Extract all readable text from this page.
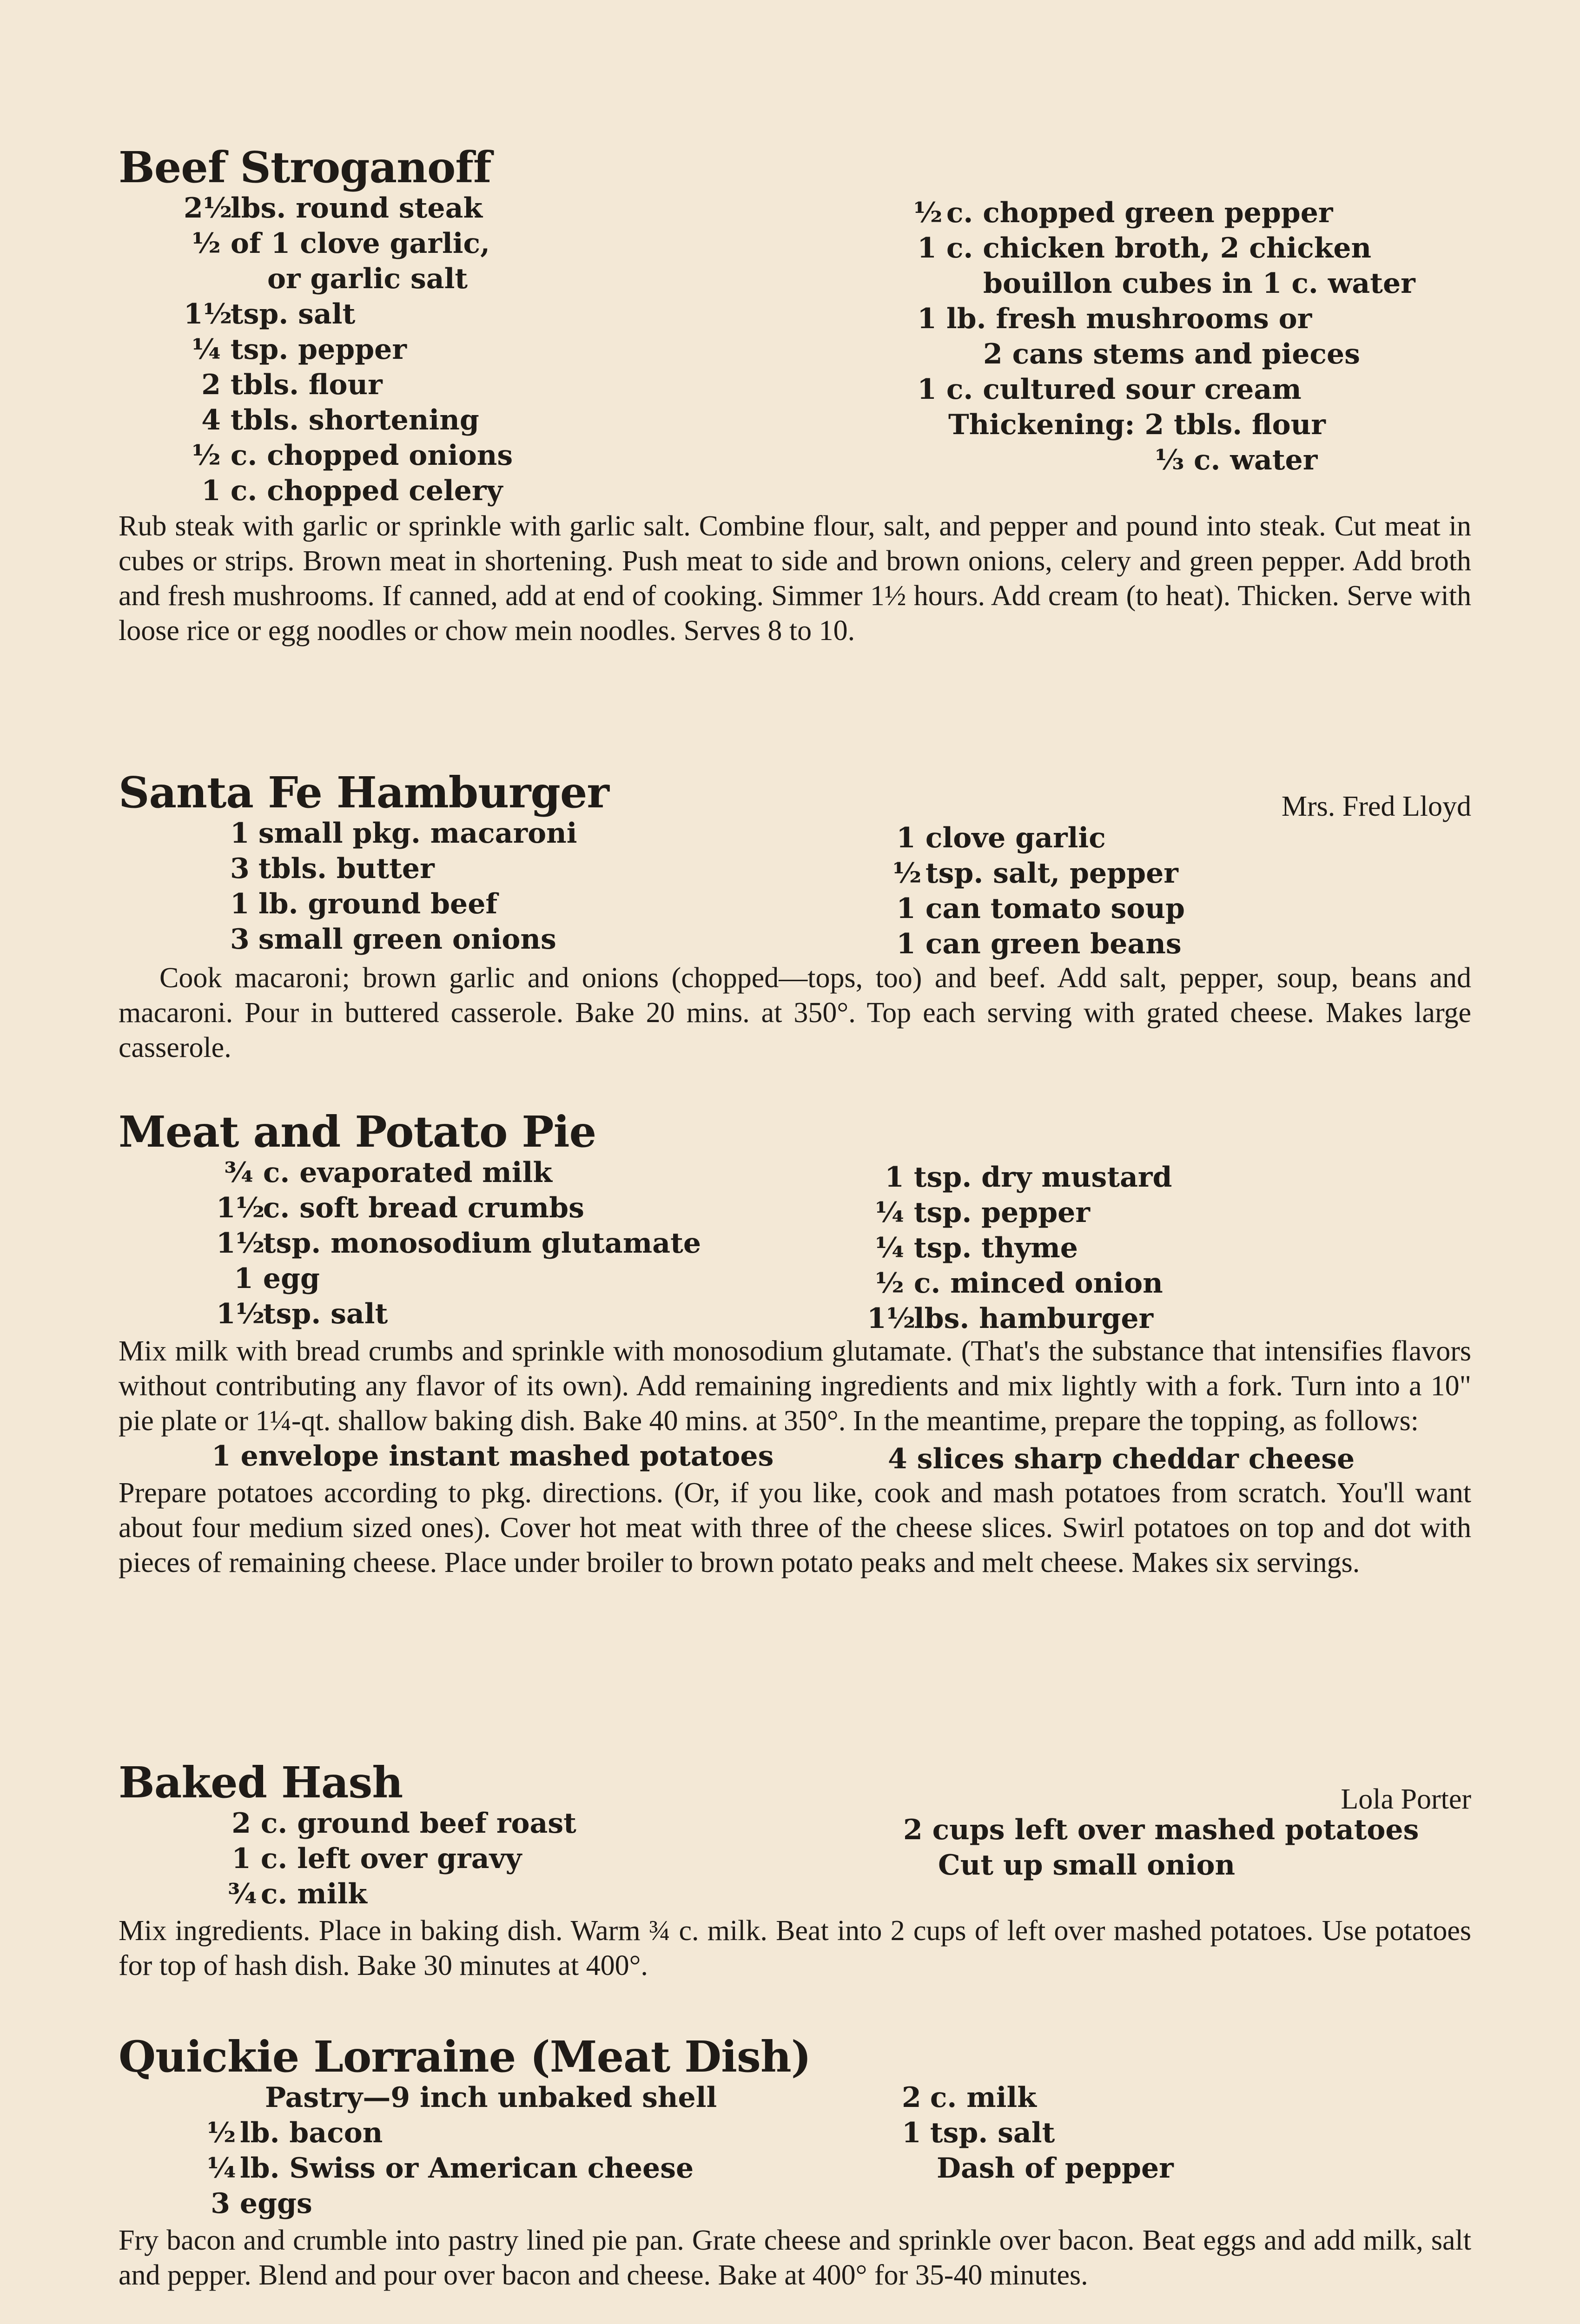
Beef Stroganoff
2½ lbs. round steak
½ of 1 clove garlic,
or garlic salt
1½ tsp. salt
¼ tsp. pepper
2 tbls. flour
4 tbls. shortening
½ c. chopped onions
1 c. chopped celery
½ c. chopped green pepper
1 c. chicken broth, 2 chicken
bouillon cubes in 1 c. water
1 lb. fresh mushrooms or
2 cans stems and pieces
1 c. cultured sour cream
Thickening: 2 tbls. flour
⅓ c. water

Rub steak with garlic or sprinkle with garlic salt. Combine flour, salt, and pepper and pound into steak. Cut meat in cubes or strips. Brown meat in shortening. Push meat to side and brown onions, celery and green pepper. Add broth and fresh mushrooms. If canned, add at end of cooking. Simmer 1½ hours. Add cream (to heat). Thicken. Serve with loose rice or egg noodles or chow mein noodles. Serves 8 to 10.

Mrs. Fred Lloyd
Santa Fe Hamburger
1 small pkg. macaroni
3 tbls. butter
1 lb. ground beef
3 small green onions
1 clove garlic
½ tsp. salt, pepper
1 can tomato soup
1 can green beans

Cook macaroni; brown garlic and onions (chopped—tops, too) and beef. Add salt, pepper, soup, beans and macaroni. Pour in buttered casserole. Bake 20 mins. at 350°. Top each serving with grated cheese. Makes large casserole.

Meat and Potato Pie
¾ c. evaporated milk
1½ c. soft bread crumbs
1½ tsp. monosodium glutamate
1 egg
1½ tsp. salt
1 tsp. dry mustard
¼ tsp. pepper
¼ tsp. thyme
½ c. minced onion
1½ lbs. hamburger

Mix milk with bread crumbs and sprinkle with monosodium glutamate. (That's the substance that intensifies flavors without contributing any flavor of its own). Add remaining ingredients and mix lightly with a fork. Turn into a 10" pie plate or 1¼-qt. shallow baking dish. Bake 40 mins. at 350°. In the meantime, prepare the topping, as follows:

1 envelope instant mashed potatoes	4 slices sharp cheddar cheese

Prepare potatoes according to pkg. directions. (Or, if you like, cook and mash potatoes from scratch. You'll want about four medium sized ones). Cover hot meat with three of the cheese slices. Swirl potatoes on top and dot with pieces of remaining cheese. Place under broiler to brown potato peaks and melt cheese. Makes six servings.

Lola Porter
Baked Hash
2 c. ground beef roast
1 c. left over gravy
¾ c. milk
2 cups left over mashed potatoes
Cut up small onion

Mix ingredients. Place in baking dish. Warm ¾ c. milk. Beat into 2 cups of left over mashed potatoes. Use potatoes for top of hash dish. Bake 30 minutes at 400°.

Quickie Lorraine (Meat Dish)
Pastry—9 inch unbaked shell
½ lb. bacon
¼ lb. Swiss or American cheese
3 eggs
2 c. milk
1 tsp. salt
Dash of pepper

Fry bacon and crumble into pastry lined pie pan. Grate cheese and sprinkle over bacon. Beat eggs and add milk, salt and pepper. Blend and pour over bacon and cheese. Bake at 400° for 35-40 minutes.
